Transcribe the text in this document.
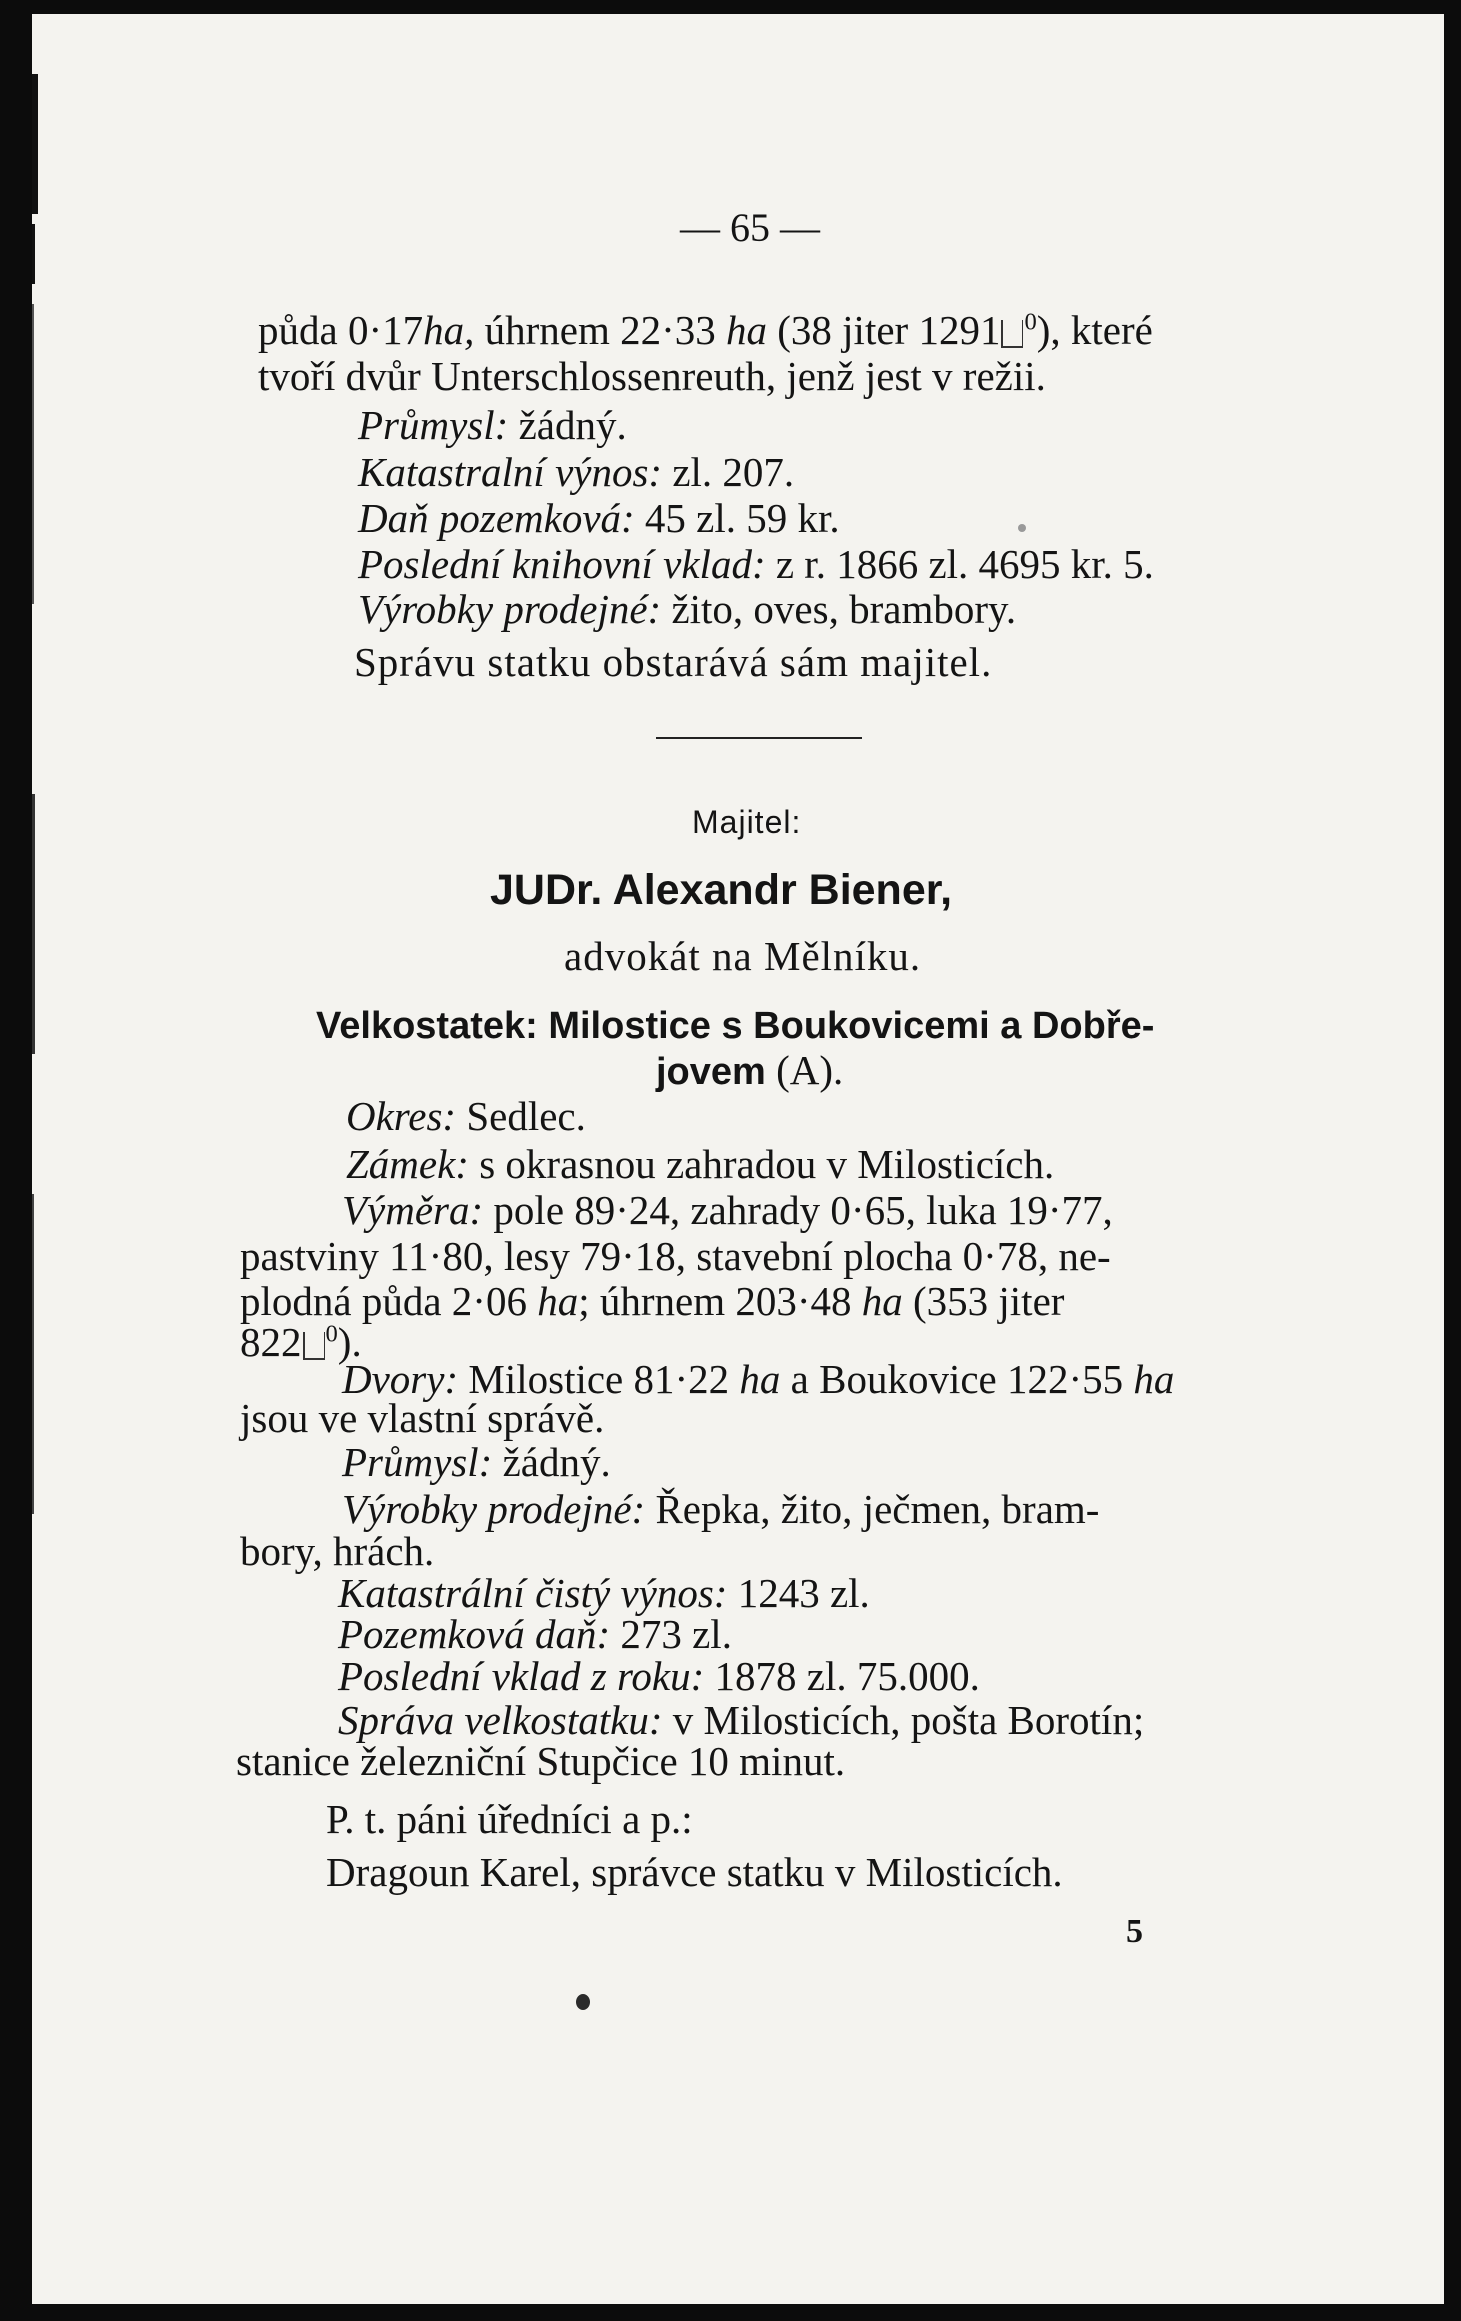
— 65 —
půda 0·17ha, úhrnem 22·33 ha (38 jiter 1291 $^0$), které
tvoří dvůr Unterschlossenreuth, jenž jest v režii.
Průmysl: žádný.
Katastralní výnos: zl. 207.
Daň pozemková: 45 zl. 59 kr.
Poslední knihovní vklad: z r. 1866 zl. 4695 kr. 5.
Výrobky prodejné: žito, oves, brambory.
Správu statku obstarává sám majitel.
Majitel:
JUDr. Alexandr Biener,
advokát na Mělníku.
Velkostatek: Milostice s Boukovicemi a Dobře-
jovem (A).
Okres: Sedlec.
Zámek: s okrasnou zahradou v Milosticích.
Výměra: pole 89·24, zahrady 0·65, luka 19·77,
pastviny 11·80, lesy 79·18, stavební plocha 0·78, ne-
plodná půda 2·06 ha; úhrnem 203·48 ha (353 jiter
822 $^0$).
Dvory: Milostice 81·22 ha a Boukovice 122·55 ha
jsou ve vlastní správě.
Průmysl: žádný.
Výrobky prodejné: Řepka, žito, ječmen, bram-
bory, hrách.
Katastrální čistý výnos: 1243 zl.
Pozemková daň: 273 zl.
Poslední vklad z roku: 1878 zl. 75.000.
Správa velkostatku: v Milosticích, pošta Borotín;
stanice železniční Stupčice 10 minut.
P. t. páni úředníci a p.:
Dragoun Karel, správce statku v Milosticích.
5
